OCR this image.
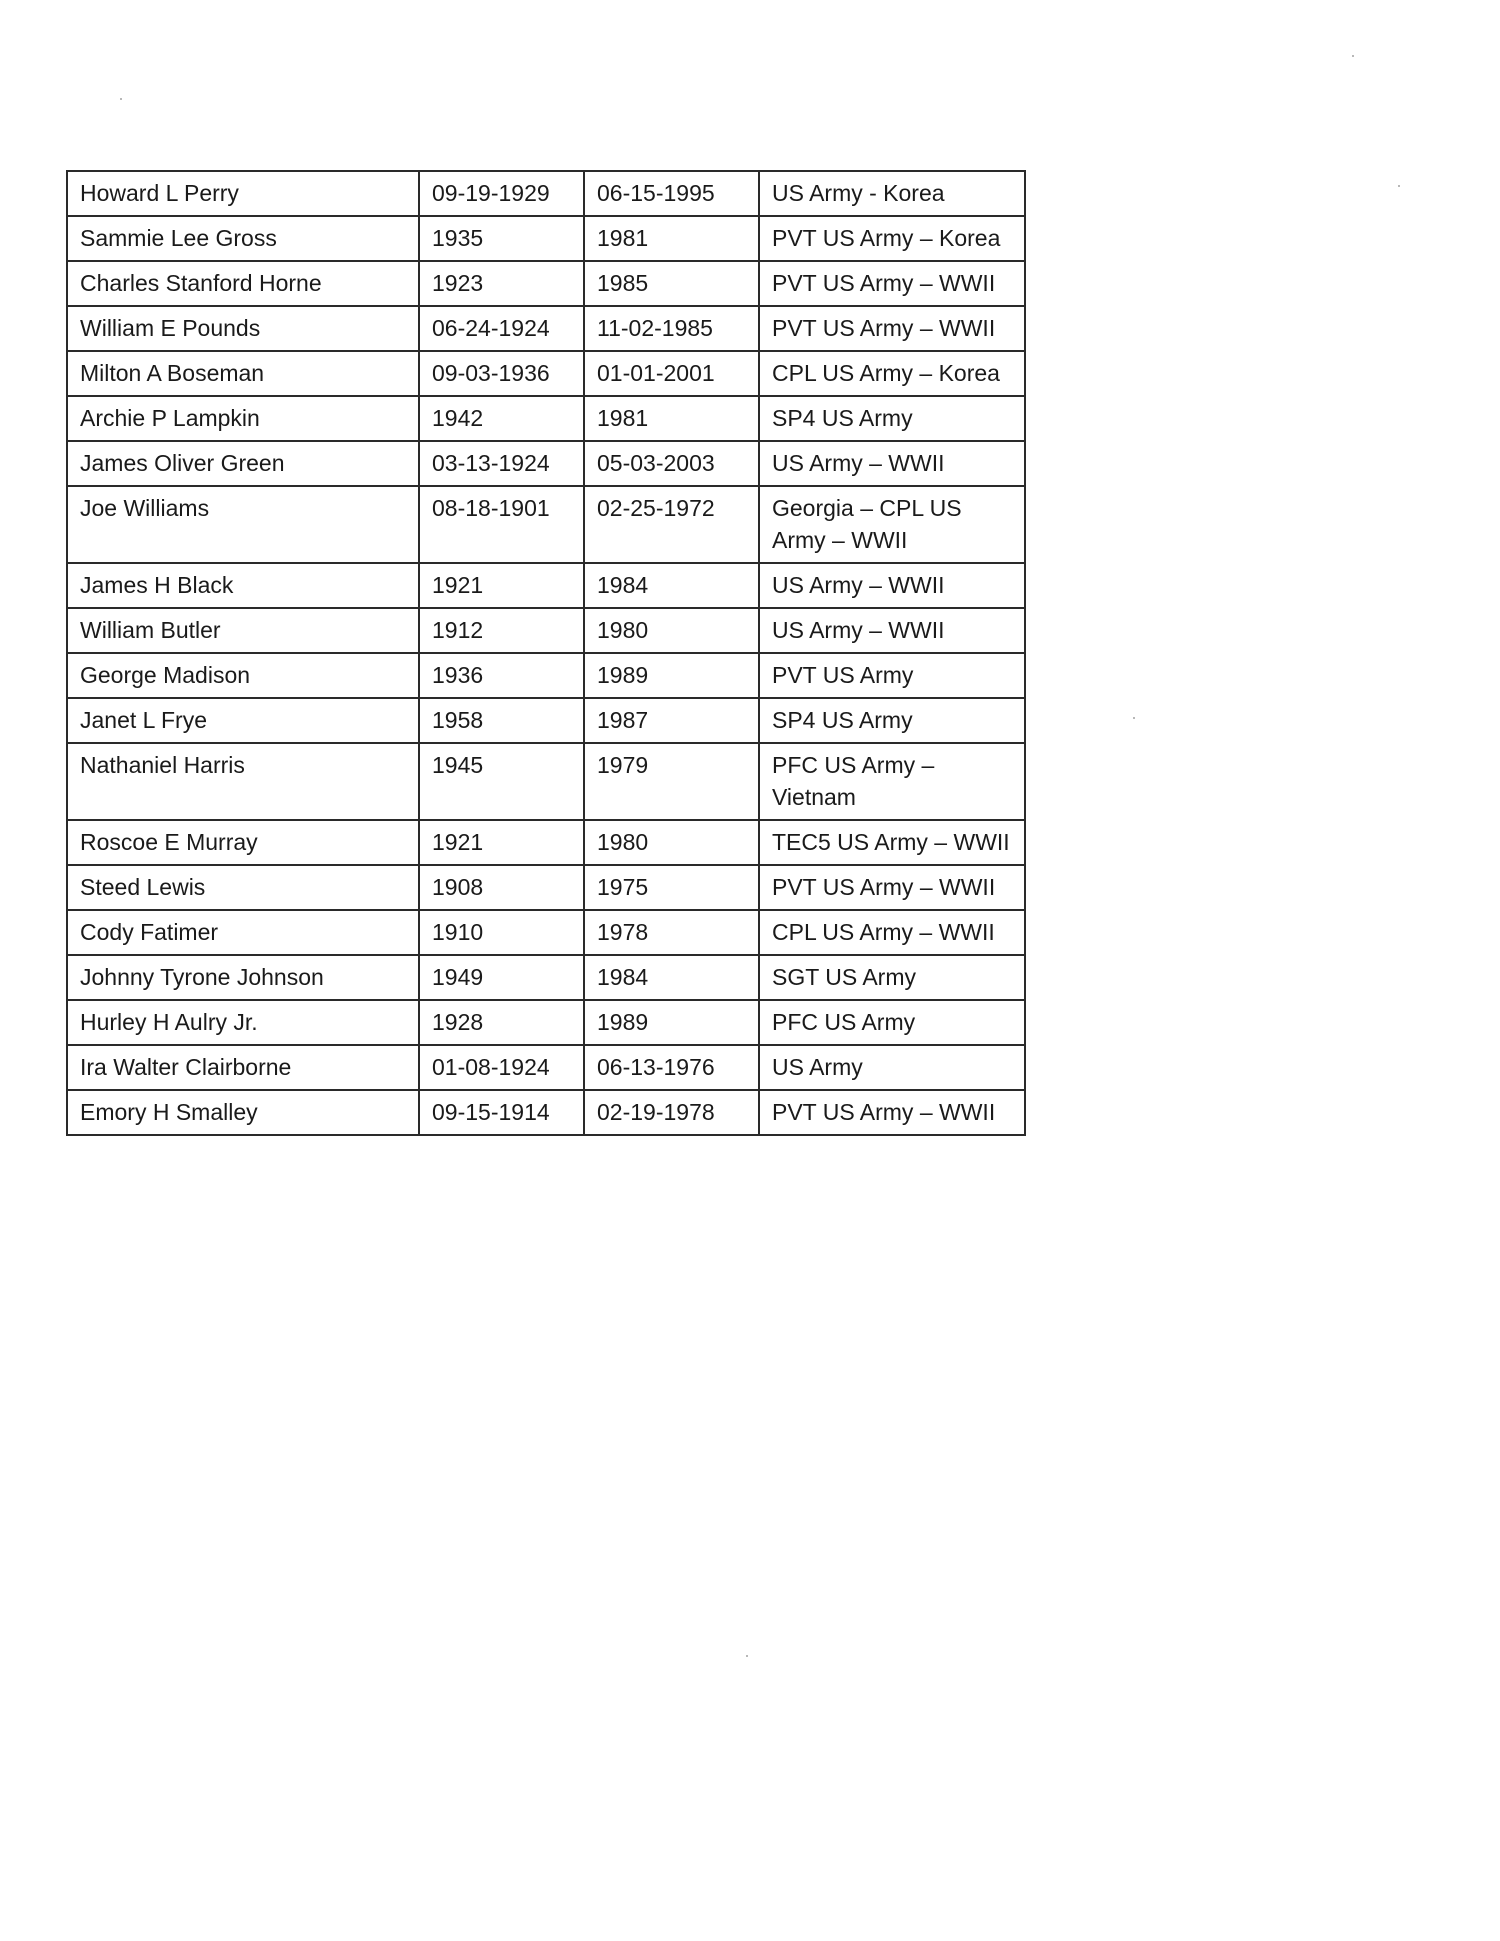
Howard L Perry	09-19-1929	06-15-1995	US Army - Korea
Sammie Lee Gross	1935	1981	PVT US Army – Korea
Charles Stanford Horne	1923	1985	PVT US Army – WWII
William E Pounds	06-24-1924	11-02-1985	PVT US Army – WWII
Milton A Boseman	09-03-1936	01-01-2001	CPL US Army – Korea
Archie P Lampkin	1942	1981	SP4 US Army
James Oliver Green	03-13-1924	05-03-2003	US Army – WWII
Joe Williams	08-18-1901	02-25-1972	Georgia – CPL US Army – WWII
James H Black	1921	1984	US Army – WWII
William Butler	1912	1980	US Army – WWII
George Madison	1936	1989	PVT US Army
Janet L Frye	1958	1987	SP4 US Army
Nathaniel Harris	1945	1979	PFC US Army – Vietnam
Roscoe E Murray	1921	1980	TEC5 US Army – WWII
Steed Lewis	1908	1975	PVT US Army – WWII
Cody Fatimer	1910	1978	CPL US Army – WWII
Johnny Tyrone Johnson	1949	1984	SGT US Army
Hurley H Aulry Jr.	1928	1989	PFC US Army
Ira Walter Clairborne	01-08-1924	06-13-1976	US Army
Emory H Smalley	09-15-1914	02-19-1978	PVT US Army – WWII
